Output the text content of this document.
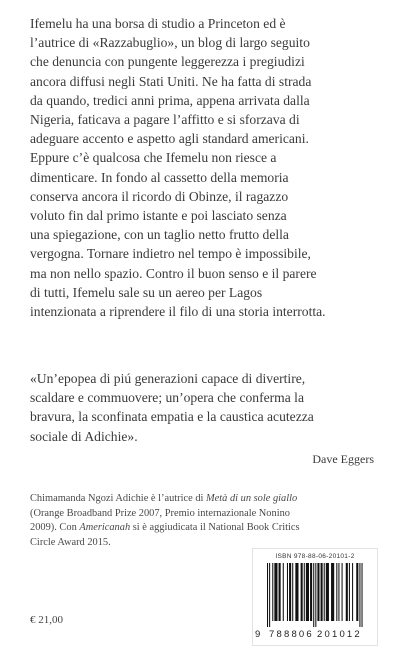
Ifemelu ha una borsa di studio a Princeton ed è
l’autrice di «Razzabuglio», un blog di largo seguito
che denuncia con pungente leggerezza i pregiudizi
ancora diffusi negli Stati Uniti. Ne ha fatta di strada
da quando, tredici anni prima, appena arrivata dalla
Nigeria, faticava a pagare l’affitto e si sforzava di
adeguare accento e aspetto agli standard americani.
Eppure c’è qualcosa che Ifemelu non riesce a
dimenticare. In fondo al cassetto della memoria
conserva ancora il ricordo di Obinze, il ragazzo
voluto fin dal primo istante e poi lasciato senza
una spiegazione, con un taglio netto frutto della
vergogna. Tornare indietro nel tempo è impossibile,
ma non nello spazio. Contro il buon senso e il parere
di tutti, Ifemelu sale su un aereo per Lagos
intenzionata a riprendere il filo di una storia interrotta.
«Un’epopea di piú generazioni capace di divertire,
scaldare e commuovere; un’opera che conferma la
bravura, la sconfinata empatia e la caustica acutezza
sociale di Adichie».
Dave Eggers
Chimamanda Ngozi Adichie è l’autrice di Metà di un sole giallo
(Orange Broadband Prize 2007, Premio internazionale Nonino
2009). Con Americanah si è aggiudicata il National Book Critics
Circle Award 2015.
€ 21,00
ISBN 978-88-06-20101-2
9 788806 201012
